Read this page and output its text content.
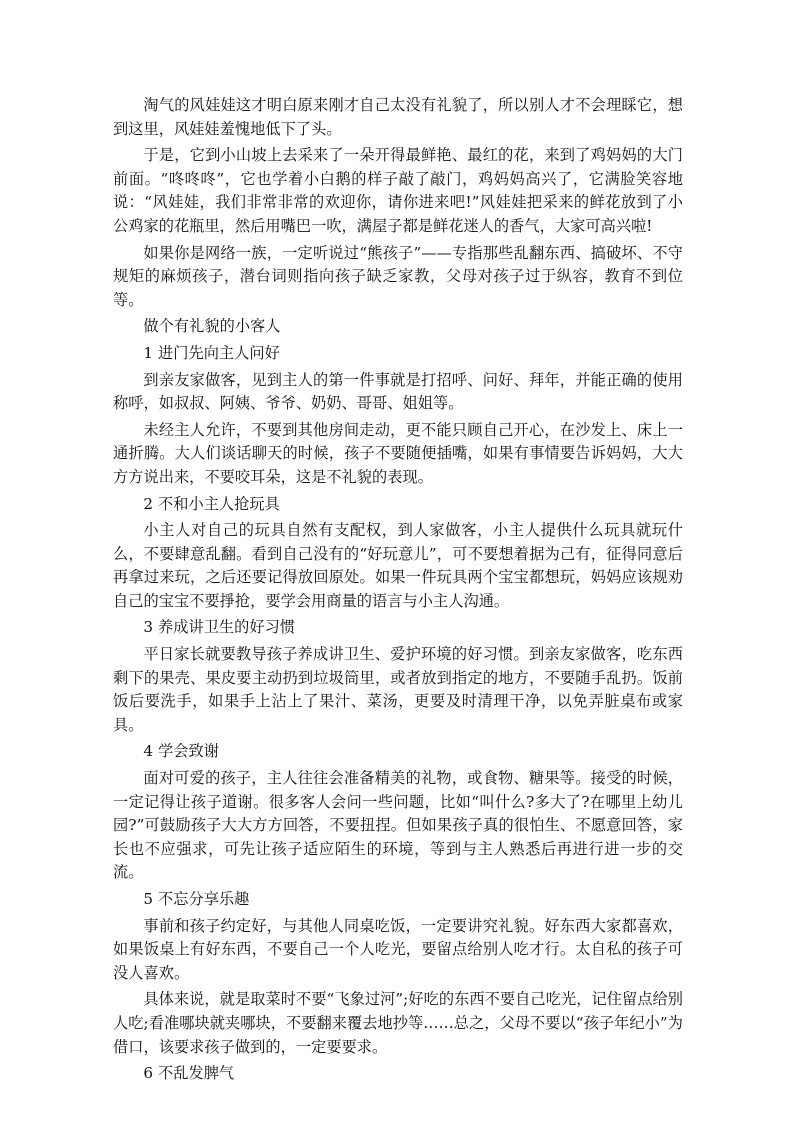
淘气的风娃娃这才明白原来刚才自己太没有礼貌了，所以别人才不会理睬它，想到这里，风娃娃羞愧地低下了头。

于是，它到小山坡上去采来了一朵开得最鲜艳、最红的花，来到了鸡妈妈的大门前面。“咚咚咚”，它也学着小白鹅的样子敲了敲门，鸡妈妈高兴了，它满脸笑容地说：“风娃娃，我们非常非常的欢迎你，请你进来吧!”风娃娃把采来的鲜花放到了小公鸡家的花瓶里，然后用嘴巴一吹，满屋子都是鲜花迷人的香气，大家可高兴啦!

如果你是网络一族，一定听说过“熊孩子”——专指那些乱翻东西、搞破坏、不守规矩的麻烦孩子，潜台词则指向孩子缺乏家教，父母对孩子过于纵容，教育不到位等。

做个有礼貌的小客人

1 进门先向主人问好

到亲友家做客，见到主人的第一件事就是打招呼、问好、拜年，并能正确的使用称呼，如叔叔、阿姨、爷爷、奶奶、哥哥、姐姐等。

未经主人允许，不要到其他房间走动，更不能只顾自己开心，在沙发上、床上一通折腾。大人们谈话聊天的时候，孩子不要随便插嘴，如果有事情要告诉妈妈，大大方方说出来，不要咬耳朵，这是不礼貌的表现。

2 不和小主人抢玩具

小主人对自己的玩具自然有支配权，到人家做客，小主人提供什么玩具就玩什么，不要肆意乱翻。看到自己没有的“好玩意儿”，可不要想着据为己有，征得同意后再拿过来玩，之后还要记得放回原处。如果一件玩具两个宝宝都想玩，妈妈应该规劝自己的宝宝不要掙抢，要学会用商量的语言与小主人沟通。

3 养成讲卫生的好习惯

平日家长就要教导孩子养成讲卫生、爱护环境的好习惯。到亲友家做客，吃东西剩下的果壳、果皮要主动扔到垃圾筒里，或者放到指定的地方，不要随手乱扔。饭前饭后要洗手，如果手上沾上了果汁、菜汤，更要及时清理干净，以免弄脏桌布或家具。

4 学会致谢

面对可爱的孩子，主人往往会准备精美的礼物，或食物、糖果等。接受的时候，一定记得让孩子道谢。很多客人会问一些问题，比如“叫什么?多大了?在哪里上幼儿园?”可鼓励孩子大大方方回答，不要扭捏。但如果孩子真的很怕生、不愿意回答，家长也不应强求，可先让孩子适应陌生的环境，等到与主人熟悉后再进行进一步的交流。

5 不忘分享乐趣

事前和孩子约定好，与其他人同桌吃饭，一定要讲究礼貌。好东西大家都喜欢，如果饭桌上有好东西，不要自己一个人吃光，要留点给别人吃才行。太自私的孩子可没人喜欢。

具体来说，就是取菜时不要“飞象过河”;好吃的东西不要自己吃光，记住留点给别人吃;看准哪块就夹哪块，不要翻来覆去地抄等……总之，父母不要以“孩子年纪小”为借口，该要求孩子做到的，一定要要求。

6 不乱发脾气
